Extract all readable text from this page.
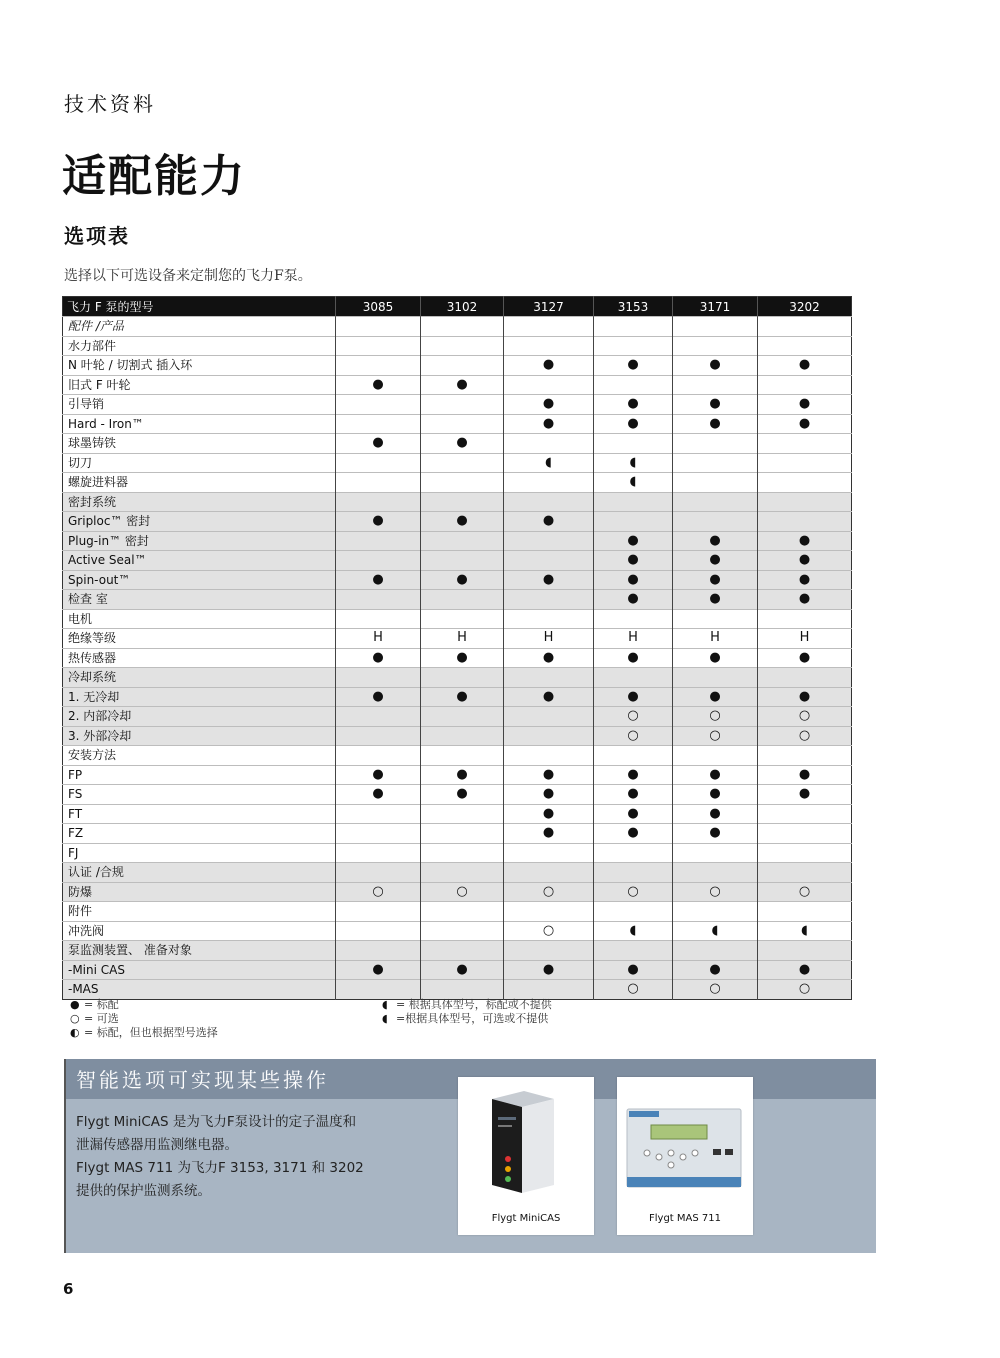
技术资料
适配能力
选项表
选择以下可选设备来定制您的飞力F泵。
飞力 F 泵的型号	3085	3102	3127	3153	3171	3202
配件 /产品						
水力部件						
N 叶轮 / 切割式 插入环			●	●	●	●
旧式 F 叶轮	●	●				
引导销			●	●	●	●
Hard - Iron™			●	●	●	●
球墨铸铁	●	●				
切刀			◖	◖		
螺旋进料器				◖		
密封系统						
Griploc™ 密封	●	●	●			
Plug-in™ 密封				●	●	●
Active Seal™				●	●	●
Spin-out™	●	●	●	●	●	●
检查 室				●	●	●
电机						
绝缘等级	H	H	H	H	H	H
热传感器	●	●	●	●	●	●
冷却系统						
1. 无冷却	●	●	●	●	●	●
2. 内部冷却				○	○	○
3. 外部冷却				○	○	○
安装方法						
FP	●	●	●	●	●	●
FS	●	●	●	●	●	●
FT			●	●	●	
FZ			●	●	●	
FJ						
认证 /合规						
防爆	○	○	○	○	○	○
附件						
冲洗阀			○	◖	◖	◖
泵监测装置、 准备对象						
-Mini CAS	●	●	●	●	●	●
-MAS				○	○	○
● = 标配
○ = 可选
◐ = 标配，但也根据型号选择
◖ = 根据具体型号，标配或不提供
◖ =根据具体型号，可选或不提供
智能选项可实现某些操作

Flygt MiniCAS 是为飞力F泵设计的定子温度和泄漏传感器用监测继电器。

Flygt MAS 711 为飞力F 3153, 3171 和 3202 提供的保护监测系统。

Flygt MiniCAS	Flygt MAS 711
6
